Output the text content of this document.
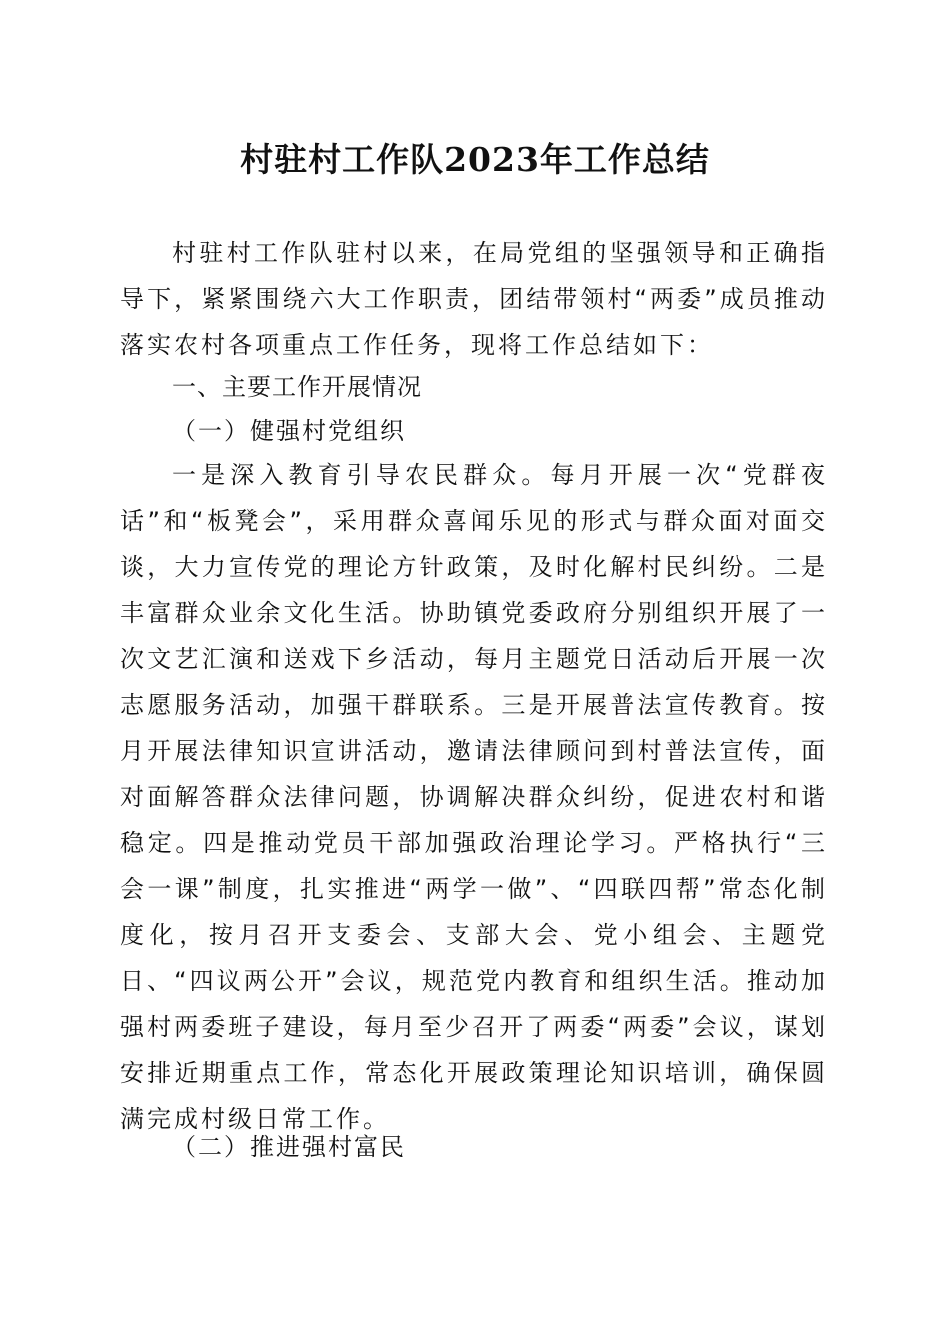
村驻村工作队2023年工作总结

村驻村工作队驻村以来，在局党组的坚强领导和正确指导下，紧紧围绕六大工作职责，团结带领村“两委”成员推动落实农村各项重点工作任务，现将工作总结如下：

一、主要工作开展情况

（一）健强村党组织

一是深入教育引导农民群众。每月开展一次“党群夜话”和“板凳会”，采用群众喜闻乐见的形式与群众面对面交谈，大力宣传党的理论方针政策，及时化解村民纠纷。二是丰富群众业余文化生活。协助镇党委政府分别组织开展了一次文艺汇演和送戏下乡活动，每月主题党日活动后开展一次志愿服务活动，加强干群联系。三是开展普法宣传教育。按月开展法律知识宣讲活动，邀请法律顾问到村普法宣传，面对面解答群众法律问题，协调解决群众纠纷，促进农村和谐稳定。四是推动党员干部加强政治理论学习。严格执行“三会一课”制度，扎实推进“两学一做”、“四联四帮”常态化制度化，按月召开支委会、支部大会、党小组会、主题党日、“四议两公开”会议，规范党内教育和组织生活。推动加强村两委班子建设，每月至少召开了两委“两委”会议，谋划安排近期重点工作，常态化开展政策理论知识培训，确保圆满完成村级日常工作。

（二）推进强村富民
